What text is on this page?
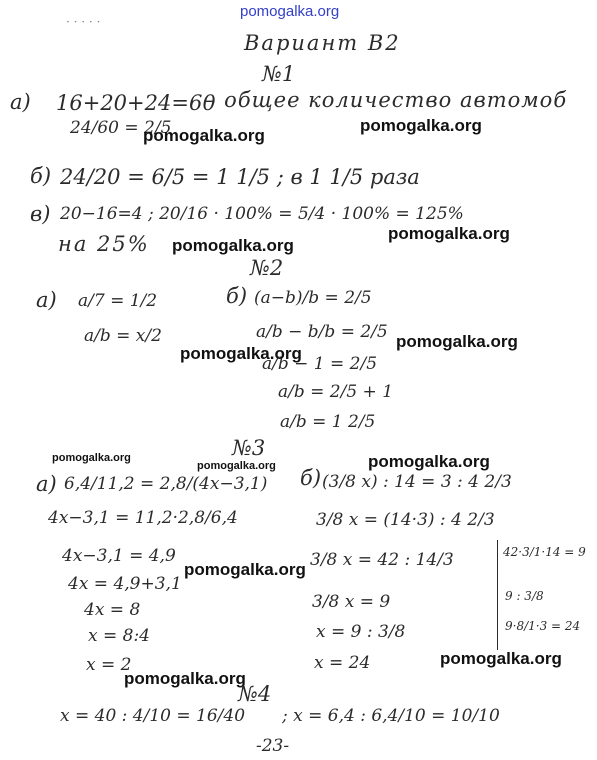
pomogalka.org
· · · · ·
Вариант В2
№1
а) 16+20+24=60
– общее количество автомоб
24/60 = 2/5
pomogalka.org
pomogalka.org
б) 24/20 = 6/5 = 1 1/5 ; в 1 1/5 раза
в) 20−16=4 ; 20/16 · 100% = 5/4 · 100% = 125%
pomogalka.org
на 25% pomogalka.org
№2
а) a/7 = 1/2
a/b = x/2
б) (a−b)/b = 2/5
a/b − b/b = 2/5
a/b − 1 = 2/5
a/b = 2/5 + 1
a/b = 1 2/5
pomogalka.org
pomogalka.org
№3
pomogalka.org
pomogalka.org	pomogalka.org
а) 6,4/11,2 = 2,8/(4x−3,1)
4x−3,1 = 11,2·2,8/6,4
4x−3,1 = 4,9
4x = 4,9+3,1
4x = 8
x = 8:4
x = 2
pomogalka.org
б) (3/8 x) : 14 = 3 : 4 2/3
3/8 x = (14·3) : 4 2/3
3/8 x = 42 : 14/3
3/8 x = 9
x = 9 : 3/8
x = 24
42·3/1·14 = 9
9 : 3/8
9·8/1·3 = 24
pomogalka.org
pomogalka.org
№4
x = 40 : 4/10 = 16/40 ; x = 6,4 : 6,4/10 = 10/10
-23-
